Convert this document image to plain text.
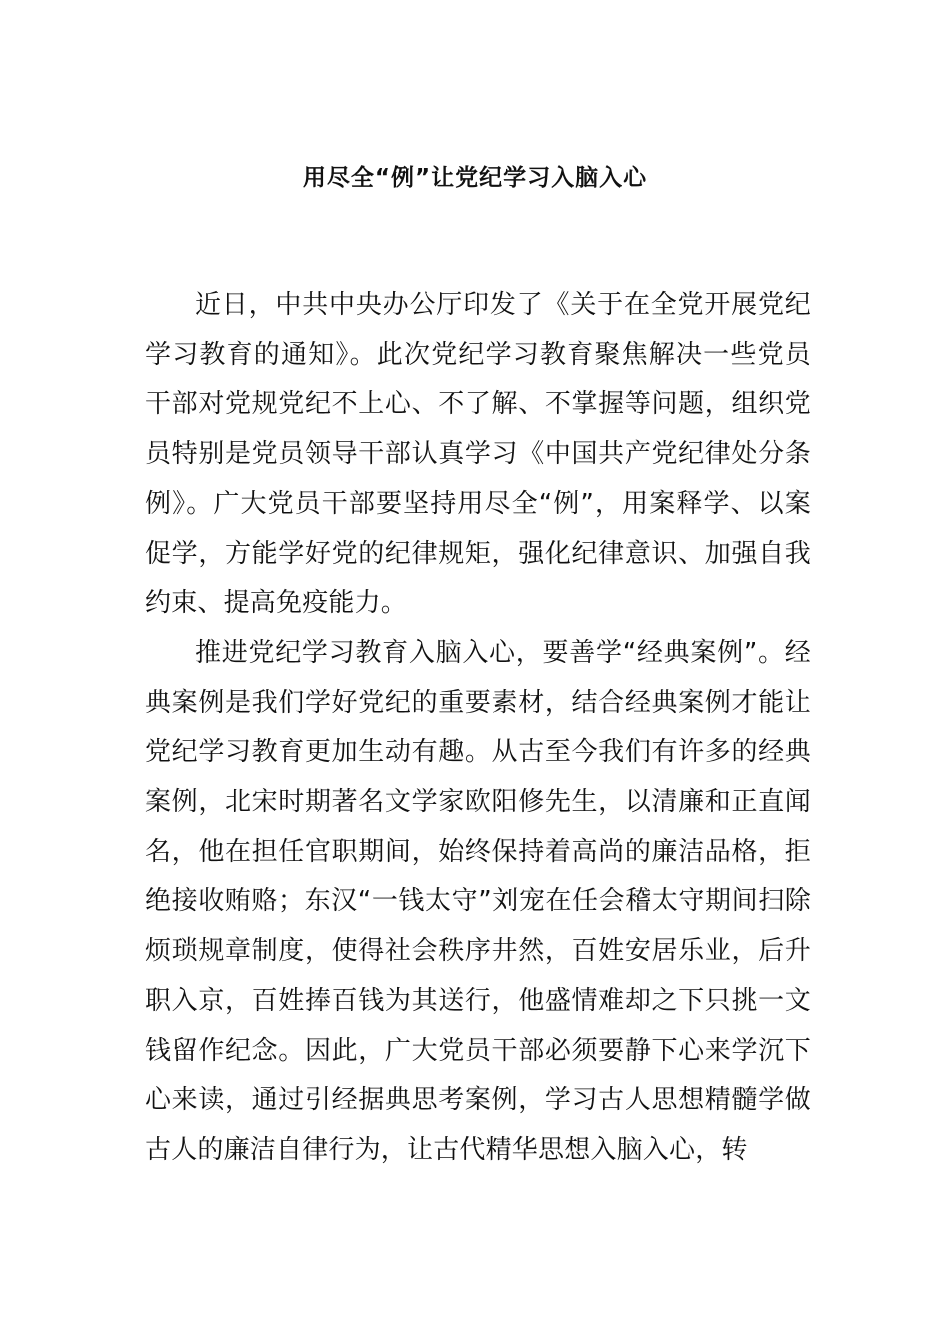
用尽全“例”让党纪学习入脑入心

近日，中共中央办公厅印发了《关于在全党开展党纪学习教育的通知》。此次党纪学习教育聚焦解决一些党员干部对党规党纪不上心、不了解、不掌握等问题，组织党员特别是党员领导干部认真学习《中国共产党纪律处分条例》。广大党员干部要坚持用尽全“例”，用案释学、以案促学，方能学好党的纪律规矩，强化纪律意识、加强自我约束、提高免疫能力。

推进党纪学习教育入脑入心，要善学“经典案例”。经典案例是我们学好党纪的重要素材，结合经典案例才能让党纪学习教育更加生动有趣。从古至今我们有许多的经典案例，北宋时期著名文学家欧阳修先生，以清廉和正直闻名，他在担任官职期间，始终保持着高尚的廉洁品格，拒绝接收贿赂；东汉“一钱太守”刘宠在任会稽太守期间扫除烦琐规章制度，使得社会秩序井然，百姓安居乐业，后升职入京，百姓捧百钱为其送行，他盛情难却之下只挑一文钱留作纪念。因此，广大党员干部必须要静下心来学沉下心来读，通过引经据典思考案例，学习古人思想精髓学做古人的廉洁自律行为，让古代精华思想入脑入心，转
